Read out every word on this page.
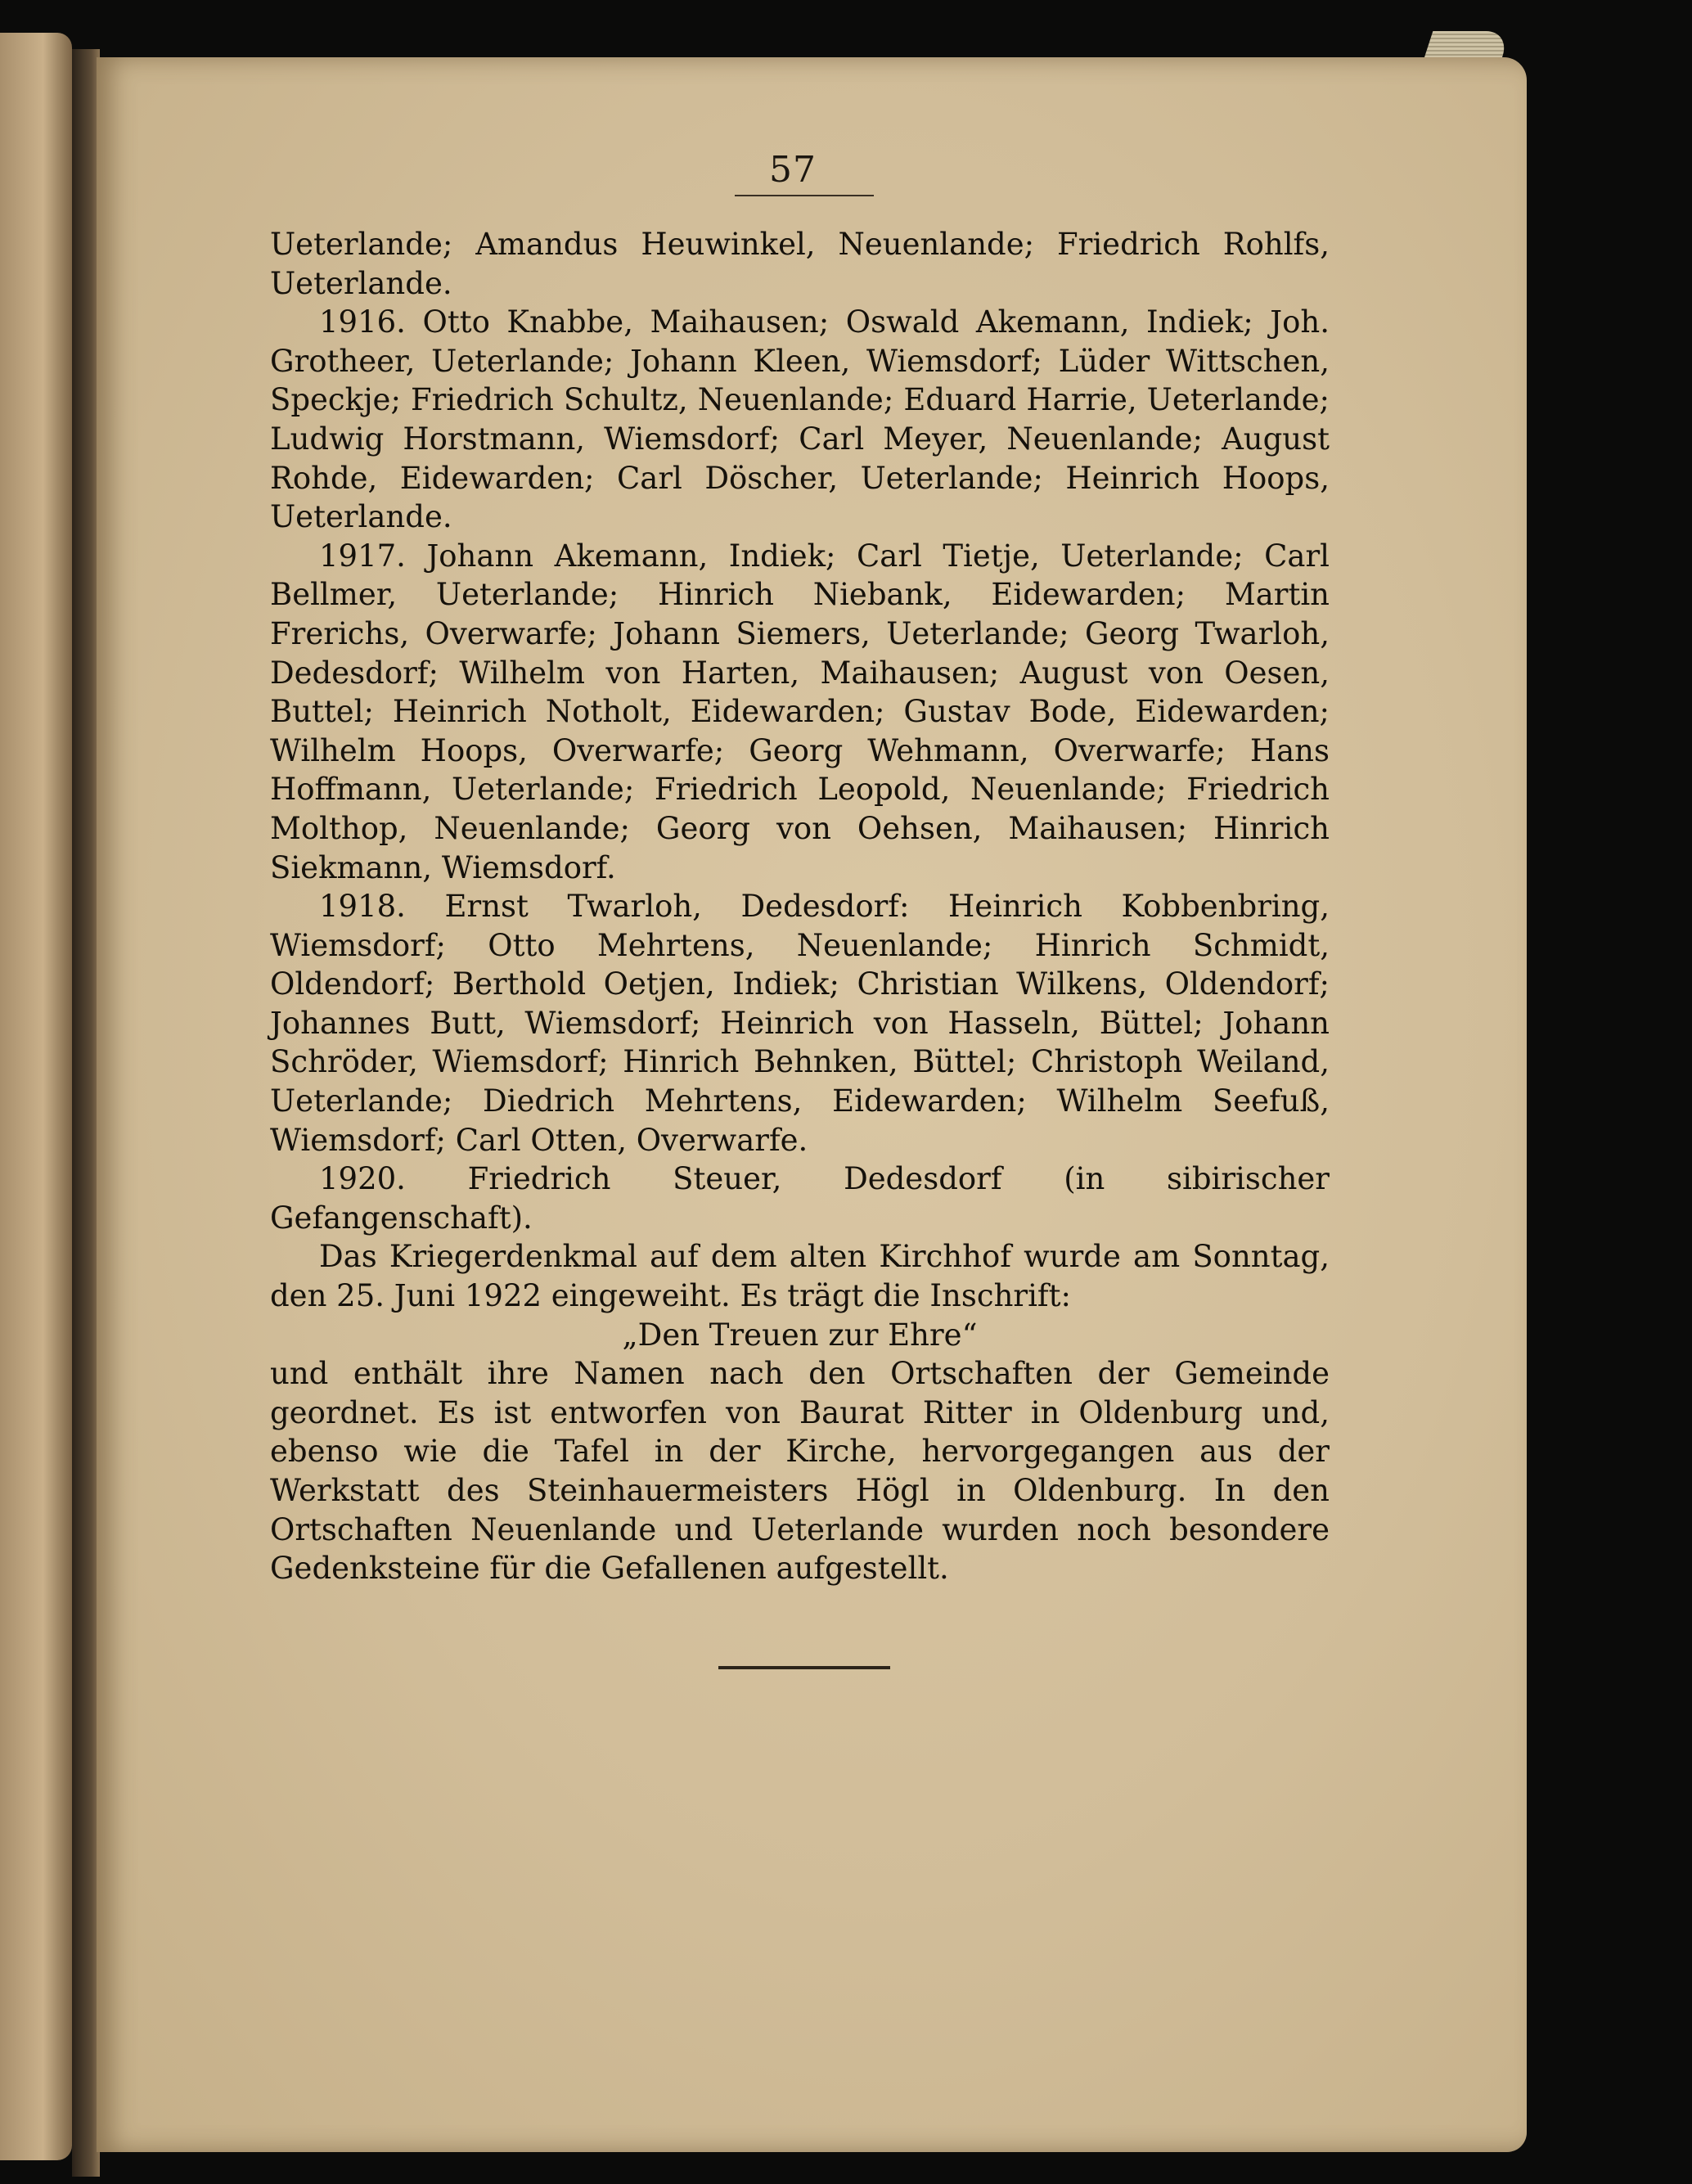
57

Ueterlande; Amandus Heuwinkel, Neuenlande; Friedrich Rohlfs, Ueterlande.

1916. Otto Knabbe, Maihausen; Oswald Akemann, Indiek; Joh. Grotheer, Ueterlande; Johann Kleen, Wiemsdorf; Lüder Wittschen, Speckje; Friedrich Schultz, Neuenlande; Eduard Harrie, Ueterlande; Ludwig Horstmann, Wiemsdorf; Carl Meyer, Neuenlande; August Rohde, Eidewarden; Carl Döscher, Ueterlande; Heinrich Hoops, Ueterlande.

1917. Johann Akemann, Indiek; Carl Tietje, Ueterlande; Carl Bellmer, Ueterlande; Hinrich Niebank, Eidewarden; Martin Frerichs, Overwarfe; Johann Siemers, Ueterlande; Georg Twarloh, Dedesdorf; Wilhelm von Harten, Maihausen; August von Oesen, Buttel; Heinrich Notholt, Eidewarden; Gustav Bode, Eidewarden; Wilhelm Hoops, Overwarfe; Georg Wehmann, Overwarfe; Hans Hoffmann, Ueterlande; Friedrich Leopold, Neuenlande; Friedrich Molthop, Neuenlande; Georg von Oehsen, Maihausen; Hinrich Siekmann, Wiemsdorf.

1918. Ernst Twarloh, Dedesdorf: Heinrich Kobbenbring, Wiemsdorf; Otto Mehrtens, Neuenlande; Hinrich Schmidt, Oldendorf; Berthold Oetjen, Indiek; Christian Wilkens, Oldendorf; Johannes Butt, Wiemsdorf; Heinrich von Hasseln, Büttel; Johann Schröder, Wiemsdorf; Hinrich Behnken, Büttel; Christoph Weiland, Ueterlande; Diedrich Mehrtens, Eidewarden; Wilhelm Seefuß, Wiemsdorf; Carl Otten, Overwarfe.

1920. Friedrich Steuer, Dedesdorf (in sibirischer Gefangenschaft).

Das Kriegerdenkmal auf dem alten Kirchhof wurde am Sonntag, den 25. Juni 1922 eingeweiht. Es trägt die Inschrift:

„Den Treuen zur Ehre“

und enthält ihre Namen nach den Ortschaften der Gemeinde geordnet. Es ist entworfen von Baurat Ritter in Oldenburg und, ebenso wie die Tafel in der Kirche, hervorgegangen aus der Werkstatt des Steinhauermeisters Högl in Oldenburg. In den Ortschaften Neuenlande und Ueterlande wurden noch besondere Gedenksteine für die Gefallenen aufgestellt.
